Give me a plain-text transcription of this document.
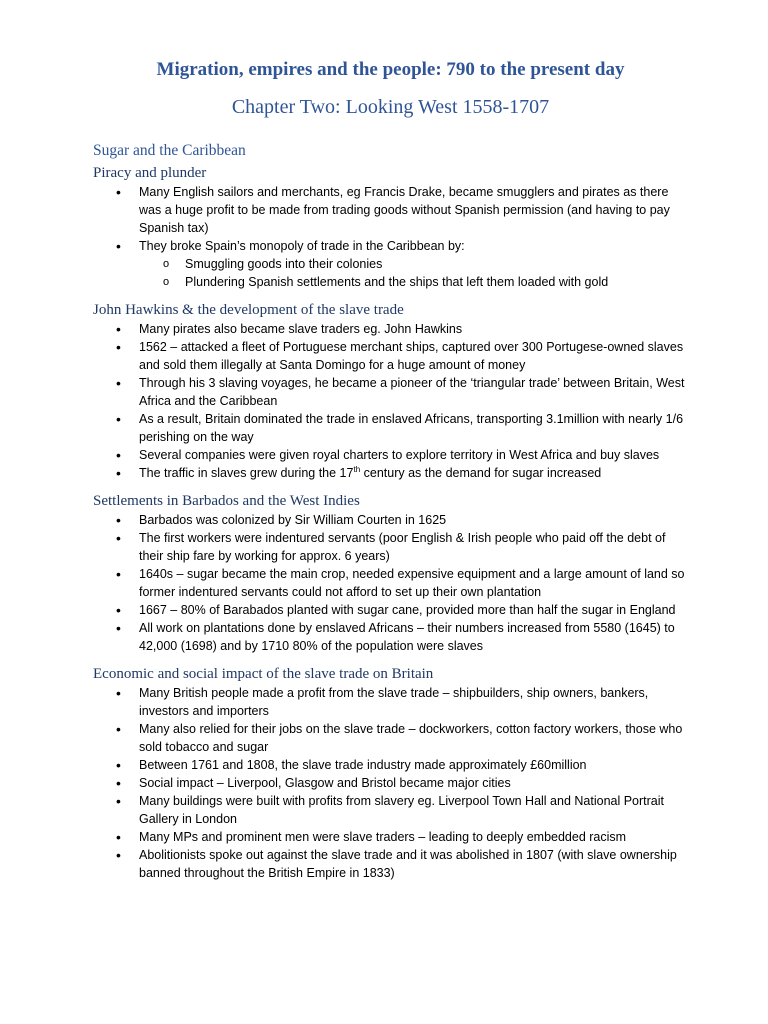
Migration, empires and the people: 790 to the present day
Chapter Two: Looking West 1558-1707
Sugar and the Caribbean
Piracy and plunder
• Many English sailors and merchants, eg Francis Drake, became smugglers and pirates as there was a huge profit to be made from trading goods without Spanish permission (and having to pay Spanish tax)
• They broke Spain’s monopoly of trade in the Caribbean by:
o Smuggling goods into their colonies
o Plundering Spanish settlements and the ships that left them loaded with gold
John Hawkins & the development of the slave trade
• Many pirates also became slave traders eg. John Hawkins
• 1562 – attacked a fleet of Portuguese merchant ships, captured over 300 Portugese-owned slaves and sold them illegally at Santa Domingo for a huge amount of money
• Through his 3 slaving voyages, he became a pioneer of the ‘triangular trade’ between Britain, West Africa and the Caribbean
• As a result, Britain dominated the trade in enslaved Africans, transporting 3.1million with nearly 1/6 perishing on the way
• Several companies were given royal charters to explore territory in West Africa and buy slaves
• The traffic in slaves grew during the 17th century as the demand for sugar increased
Settlements in Barbados and the West Indies
• Barbados was colonized by Sir William Courten in 1625
• The first workers were indentured servants (poor English & Irish people who paid off the debt of their ship fare by working for approx. 6 years)
• 1640s – sugar became the main crop, needed expensive equipment and a large amount of land so former indentured servants could not afford to set up their own plantation
• 1667 – 80% of Barabados planted with sugar cane, provided more than half the sugar in England
• All work on plantations done by enslaved Africans – their numbers increased from 5580 (1645) to 42,000 (1698) and by 1710 80% of the population were slaves
Economic and social impact of the slave trade on Britain
• Many British people made a profit from the slave trade – shipbuilders, ship owners, bankers, investors and importers
• Many also relied for their jobs on the slave trade – dockworkers, cotton factory workers, those who sold tobacco and sugar
• Between 1761 and 1808, the slave trade industry made approximately £60million
• Social impact – Liverpool, Glasgow and Bristol became major cities
• Many buildings were built with profits from slavery eg. Liverpool Town Hall and National Portrait Gallery in London
• Many MPs and prominent men were slave traders – leading to deeply embedded racism
• Abolitionists spoke out against the slave trade and it was abolished in 1807 (with slave ownership banned throughout the British Empire in 1833)
